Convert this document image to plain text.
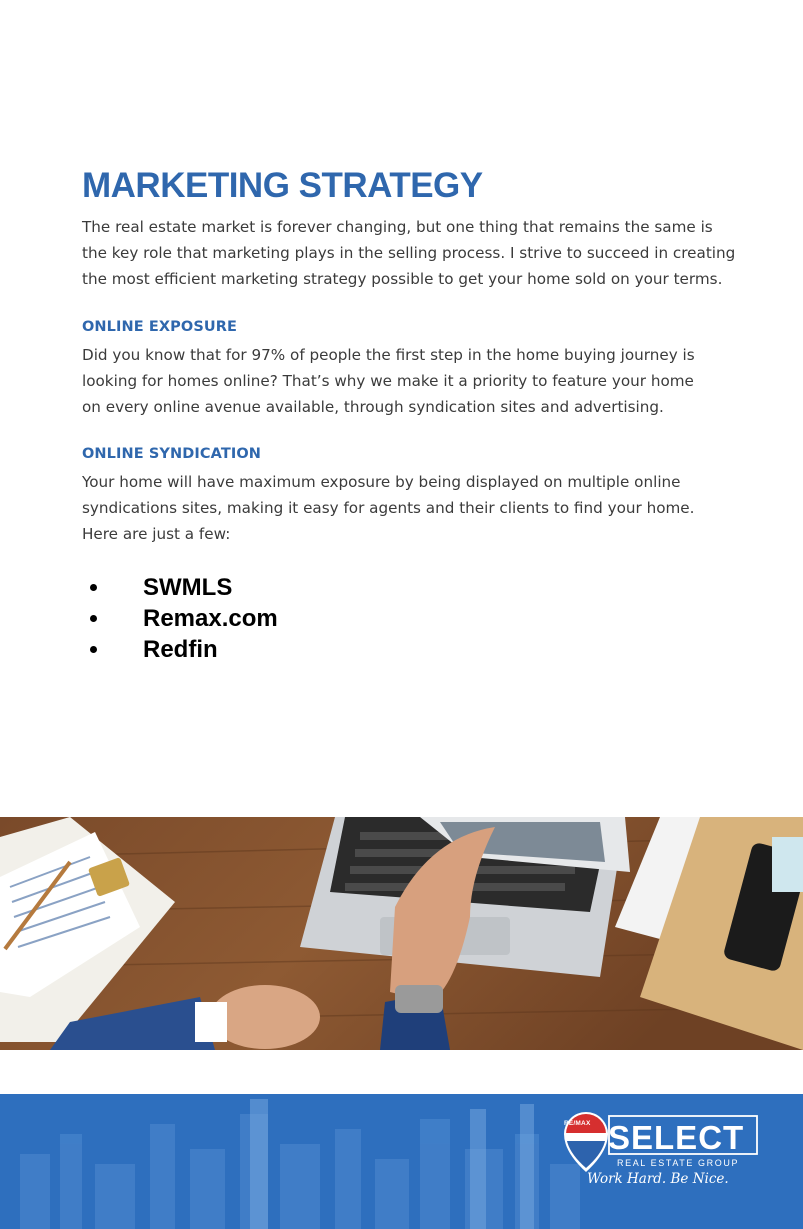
MARKETING STRATEGY

The real estate market is forever changing, but one thing that remains the same is
the key role that marketing plays in the selling process. I strive to succeed in creating
the most efficient marketing strategy possible to get your home sold on your terms.

ONLINE EXPOSURE

Did you know that for 97% of people the first step in the home buying journey is
looking for homes online? That’s why we make it a priority to feature your home
on every online avenue available, through syndication sites and advertising.

ONLINE SYNDICATION

Your home will have maximum exposure by being displayed on multiple online
syndications sites, making it easy for agents and their clients to find your home.
Here are just a few:

SWMLS
Remax.com
Redfin

RE/MAX SELECT

REAL ESTATE GROUP

Work Hard. Be Nice.
